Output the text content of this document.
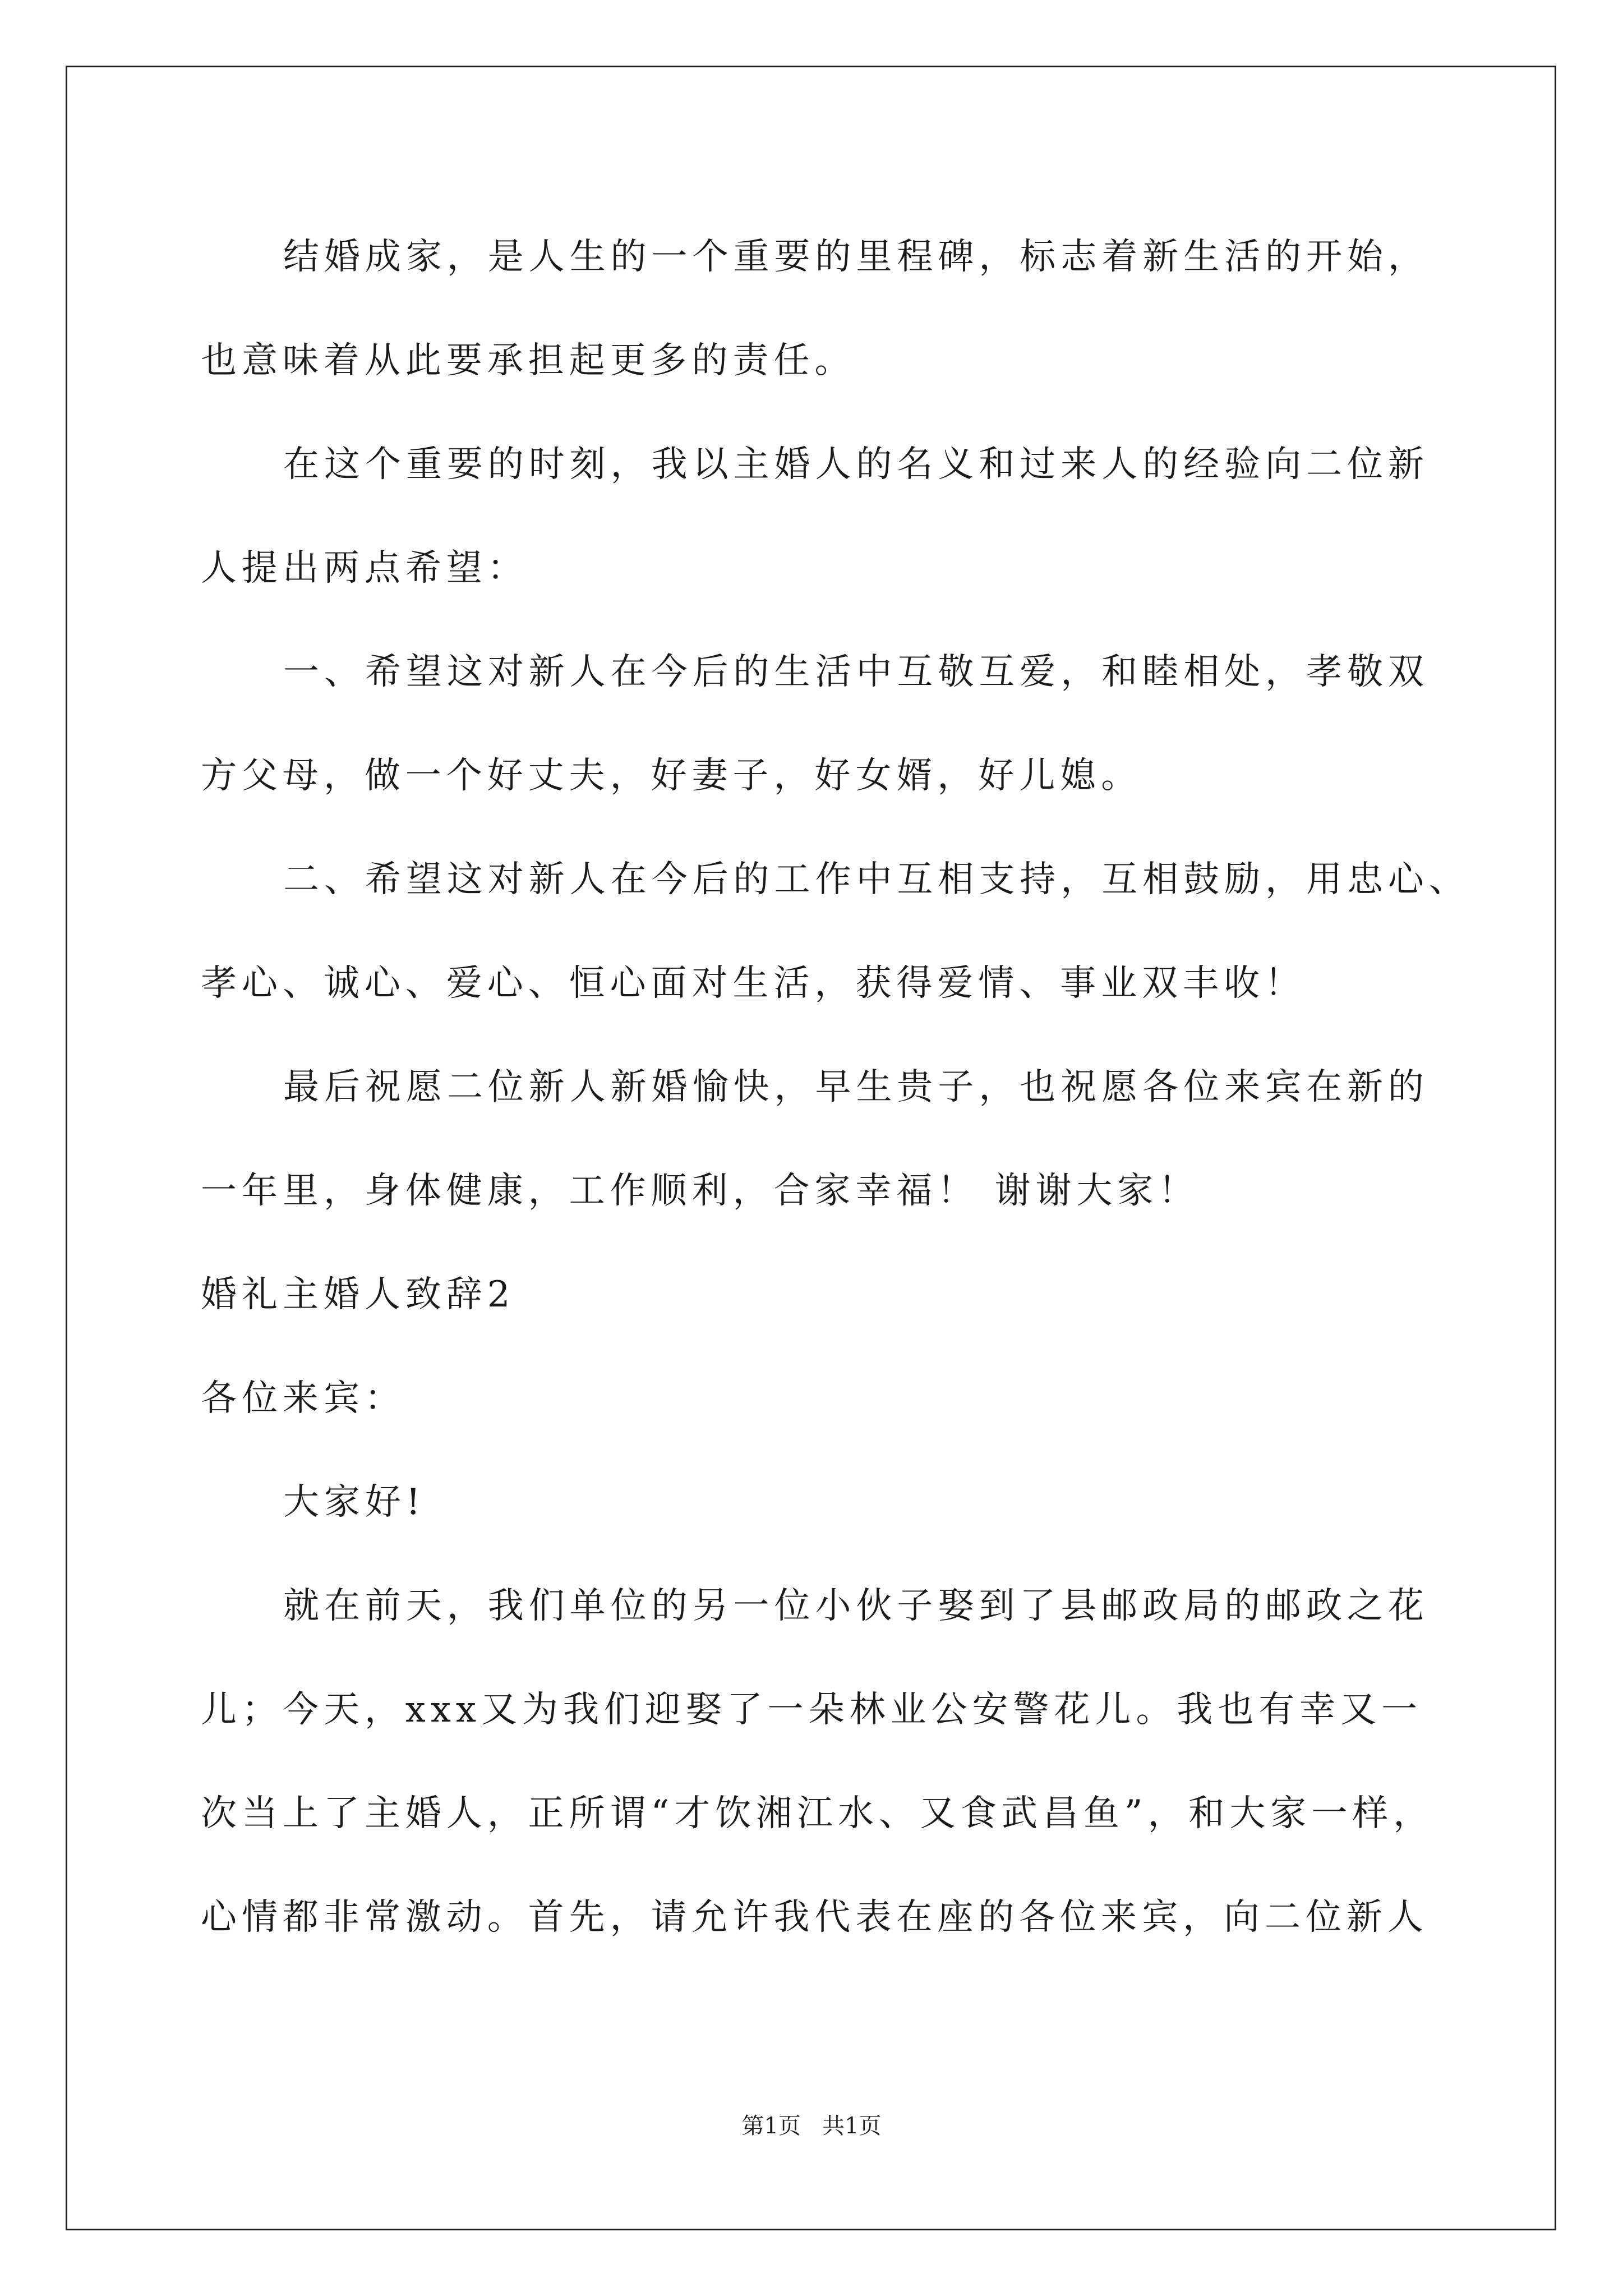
结婚成家，是人生的一个重要的里程碑，标志着新生活的开始，
也意味着从此要承担起更多的责任。
在这个重要的时刻，我以主婚人的名义和过来人的经验向二位新
人提出两点希望：
一、希望这对新人在今后的生活中互敬互爱，和睦相处，孝敬双
方父母，做一个好丈夫，好妻子，好女婿，好儿媳。
二、希望这对新人在今后的工作中互相支持，互相鼓励，用忠心、
孝心、诚心、爱心、恒心面对生活，获得爱情、事业双丰收！
最后祝愿二位新人新婚愉快，早生贵子，也祝愿各位来宾在新的
一年里，身体健康，工作顺利，合家幸福！ 谢谢大家！
婚礼主婚人致辞2
各位来宾：
大家好!
就在前天，我们单位的另一位小伙子娶到了县邮政局的邮政之花
儿；今天，xxx又为我们迎娶了一朵林业公安警花儿。我也有幸又一
次当上了主婚人，正所谓“才饮湘江水、又食武昌鱼”，和大家一样，
心情都非常激动。首先，请允许我代表在座的各位来宾，向二位新人
第1页   共1页
